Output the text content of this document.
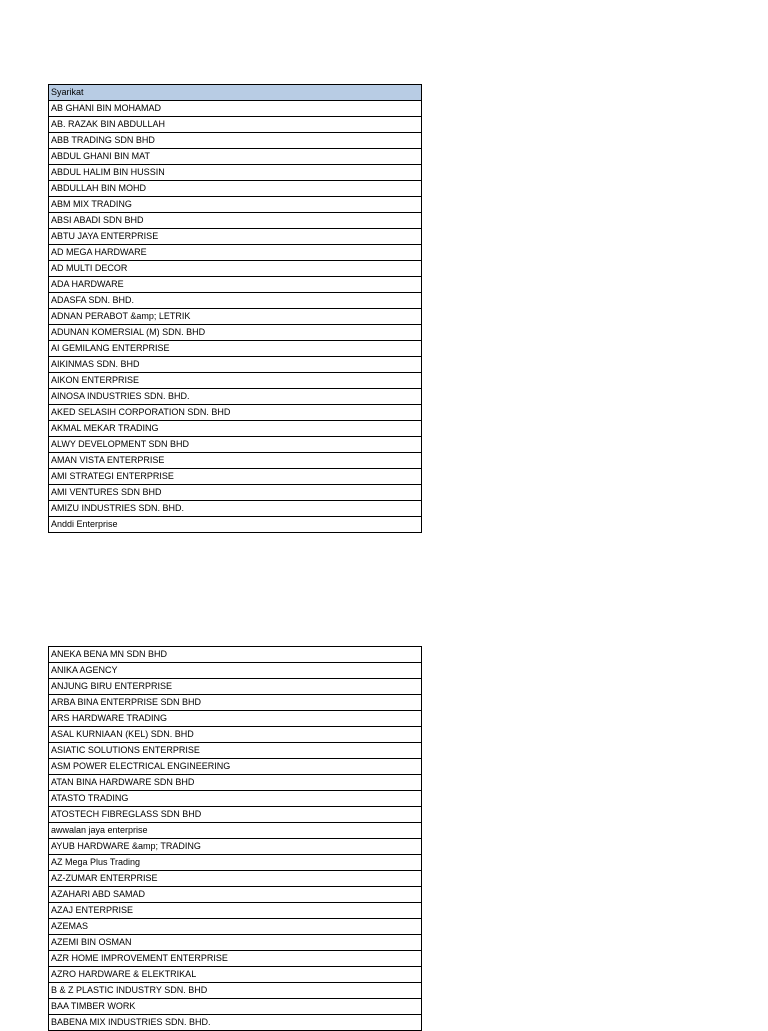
Syarikat
AB GHANI BIN MOHAMAD
AB. RAZAK BIN ABDULLAH
ABB TRADING SDN BHD
ABDUL GHANI BIN MAT
ABDUL HALIM BIN HUSSIN
ABDULLAH BIN MOHD
ABM MIX TRADING
ABSI ABADI SDN BHD
ABTU JAYA ENTERPRISE
AD MEGA HARDWARE
AD MULTI DECOR
ADA HARDWARE
ADASFA SDN. BHD.
ADNAN PERABOT &amp; LETRIK
ADUNAN KOMERSIAL (M) SDN. BHD
AI GEMILANG ENTERPRISE
AIKINMAS SDN. BHD
AIKON ENTERPRISE
AINOSA INDUSTRIES SDN. BHD.
AKED SELASIH CORPORATION SDN. BHD
AKMAL MEKAR TRADING
ALWY DEVELOPMENT SDN BHD
AMAN VISTA ENTERPRISE
AMI STRATEGI ENTERPRISE
AMI VENTURES SDN BHD
AMIZU INDUSTRIES SDN. BHD.
Anddi Enterprise
ANEKA BENA MN SDN BHD
ANIKA AGENCY
ANJUNG BIRU ENTERPRISE
ARBA BINA ENTERPRISE SDN BHD
ARS HARDWARE TRADING
ASAL KURNIAAN (KEL) SDN. BHD
ASIATIC SOLUTIONS ENTERPRISE
ASM POWER ELECTRICAL ENGINEERING
ATAN BINA HARDWARE SDN BHD
ATASTO TRADING
ATOSTECH FIBREGLASS SDN BHD
awwalan jaya enterprise
AYUB HARDWARE &amp; TRADING
AZ Mega Plus Trading
AZ-ZUMAR ENTERPRISE
AZAHARI ABD SAMAD
AZAJ ENTERPRISE
AZEMAS
AZEMI BIN OSMAN
AZR HOME IMPROVEMENT ENTERPRISE
AZRO HARDWARE & ELEKTRIKAL
B & Z PLASTIC INDUSTRY SDN. BHD
BAA TIMBER WORK
BABENA MIX INDUSTRIES SDN. BHD.
